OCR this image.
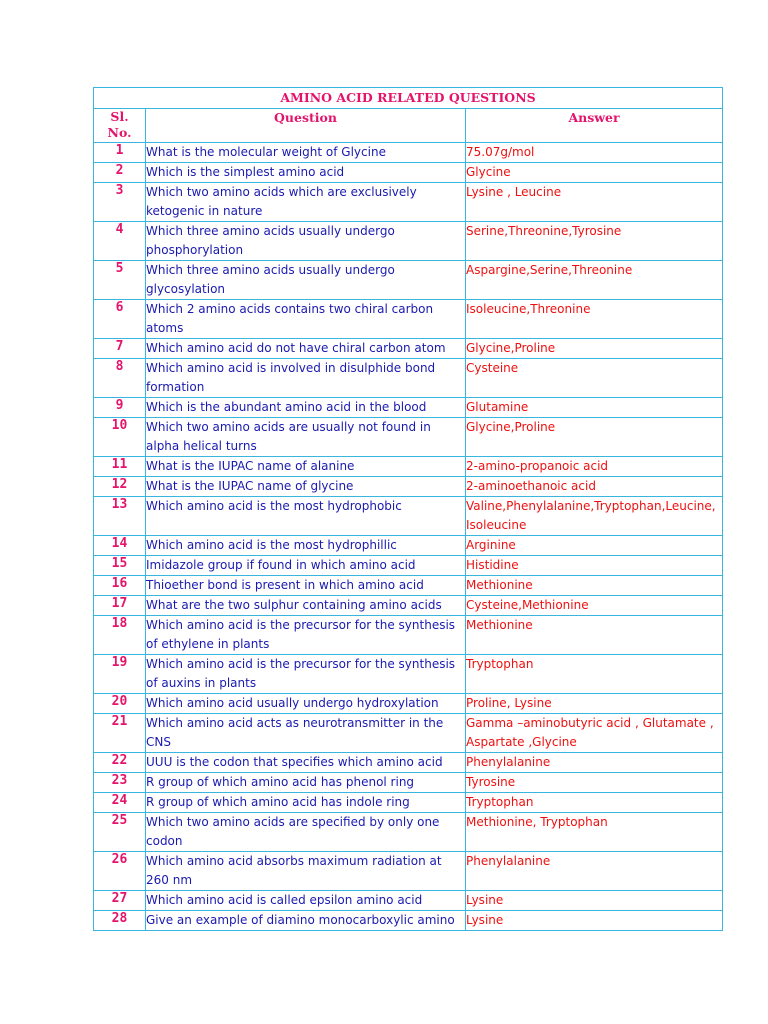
AMINO ACID RELATED QUESTIONS		
Sl.
No.	Question	Answer
1	What is the molecular weight of Glycine	75.07g/mol
2	Which is the simplest amino acid	Glycine
3	Which two amino acids which are exclusively ketogenic in nature	Lysine , Leucine
4	Which three amino acids usually undergo phosphorylation	Serine,Threonine,Tyrosine
5	Which three amino acids usually undergo glycosylation	Aspargine,Serine,Threonine
6	Which 2 amino acids contains two chiral carbon atoms	Isoleucine,Threonine
7	Which amino acid do not have chiral carbon atom	Glycine,Proline
8	Which amino acid is involved in disulphide bond formation	Cysteine
9	Which is the abundant amino acid in the blood	Glutamine
10	Which two amino acids are usually not found in alpha helical turns	Glycine,Proline
11	What is the IUPAC name of alanine	2-amino-propanoic acid
12	What is the IUPAC name of glycine	2-aminoethanoic acid
13	Which amino acid is the most hydrophobic	Valine,Phenylalanine,Tryptophan,Leucine, Isoleucine
14	Which amino acid is the most hydrophillic	Arginine
15	Imidazole group if found in which amino acid	Histidine
16	Thioether bond is present in which amino acid	Methionine
17	What are the two sulphur containing amino acids	Cysteine,Methionine
18	Which amino acid is the precursor for the synthesis of ethylene in plants	Methionine
19	Which amino acid is the precursor for the synthesis of auxins in plants	Tryptophan
20	Which amino acid usually undergo hydroxylation	Proline, Lysine
21	Which amino acid acts as neurotransmitter in the CNS	Gamma –aminobutyric acid , Glutamate , Aspartate ,Glycine
22	UUU is the codon that specifies which amino acid	Phenylalanine
23	R group of which amino acid has phenol ring	Tyrosine
24	R group of which amino acid has indole ring	Tryptophan
25	Which two amino acids are specified by only one codon	Methionine, Tryptophan
26	Which amino acid absorbs maximum radiation at 260 nm	Phenylalanine
27	Which amino acid is called epsilon amino acid	Lysine
28	Give an example of diamino monocarboxylic amino	Lysine
